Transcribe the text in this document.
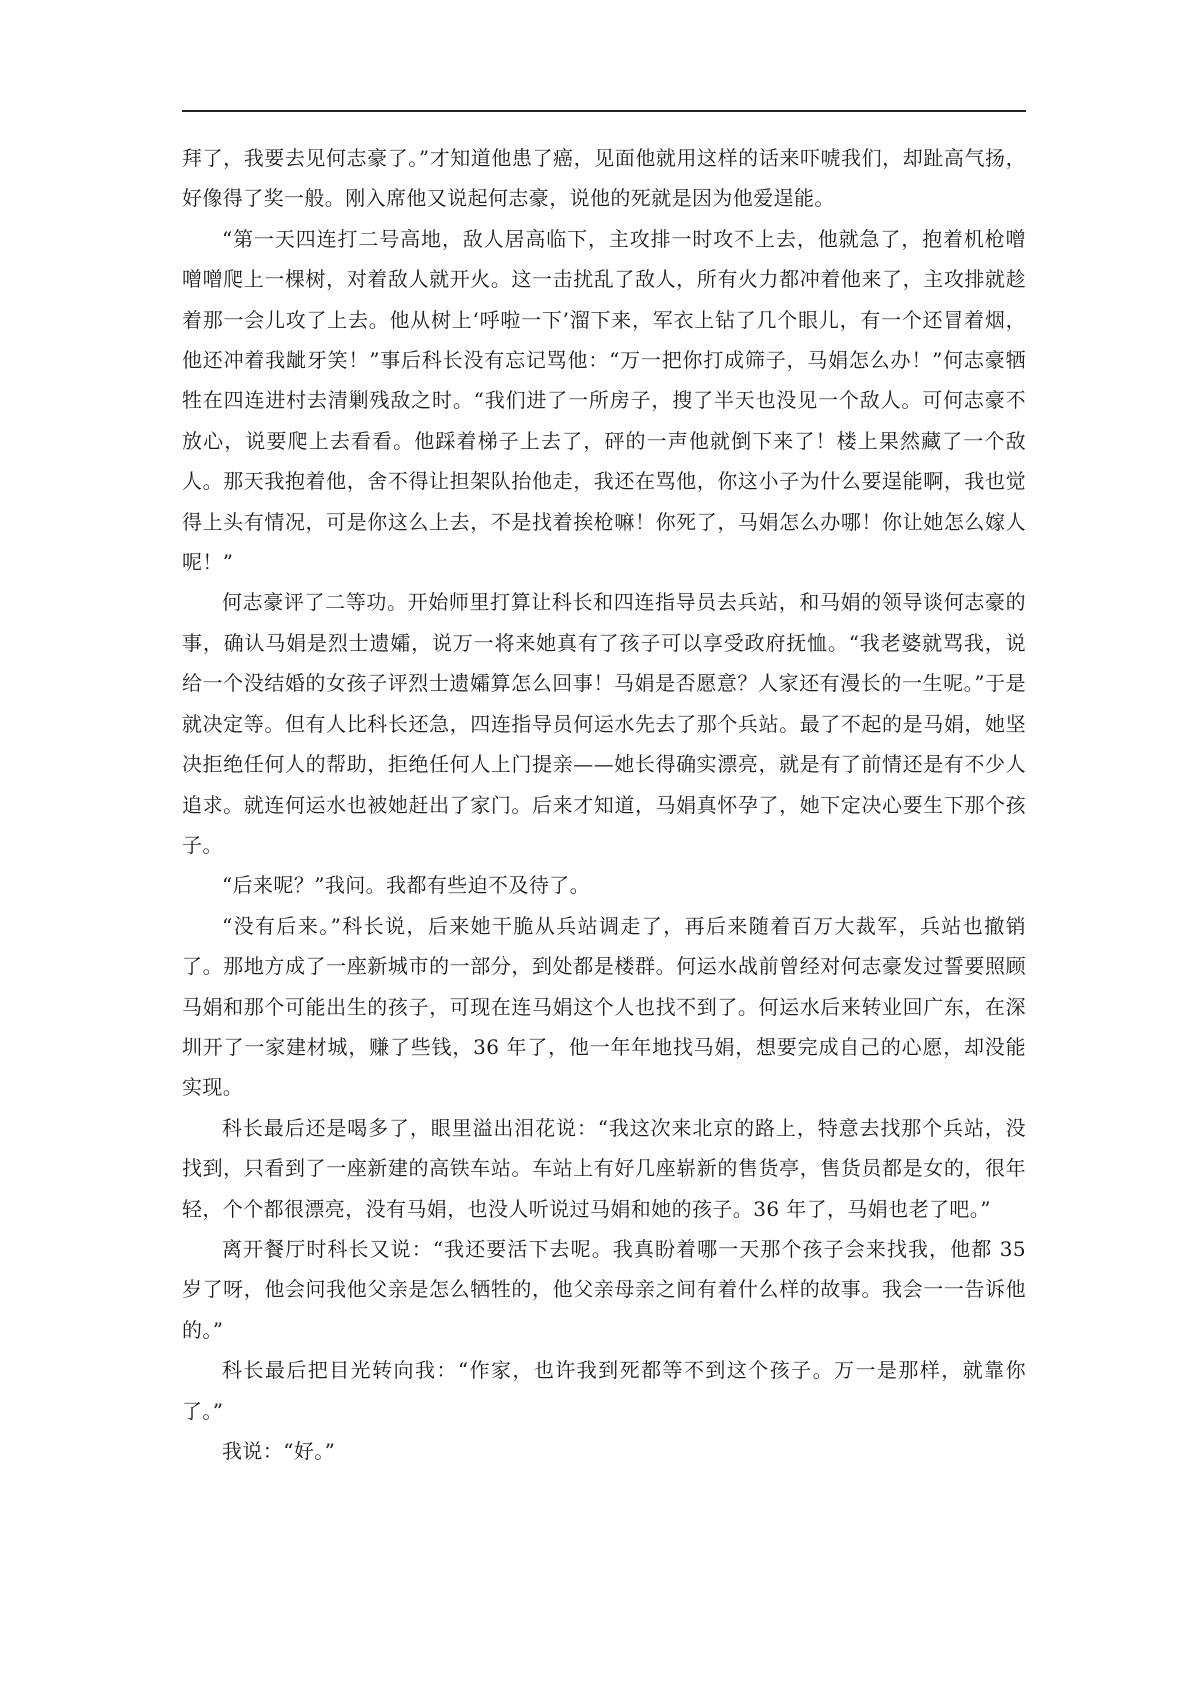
拜了，我要去见何志豪了。”才知道他患了癌，见面他就用这样的话来吓唬我们，却趾高气扬，好像得了奖一般。刚入席他又说起何志豪，说他的死就是因为他爱逞能。

“第一天四连打二号高地，敌人居高临下，主攻排一时攻不上去，他就急了，抱着机枪噌噌噌爬上一棵树，对着敌人就开火。这一击扰乱了敌人，所有火力都冲着他来了，主攻排就趁着那一会儿攻了上去。他从树上‘呼啦一下’溜下来，军衣上钻了几个眼儿，有一个还冒着烟，他还冲着我龇牙笑！”事后科长没有忘记骂他：“万一把你打成筛子，马娟怎么办！”何志豪牺牲在四连进村去清剿残敌之时。“我们进了一所房子，搜了半天也没见一个敌人。可何志豪不放心，说要爬上去看看。他踩着梯子上去了，砰的一声他就倒下来了！楼上果然藏了一个敌人。那天我抱着他，舍不得让担架队抬他走，我还在骂他，你这小子为什么要逞能啊，我也觉得上头有情况，可是你这么上去，不是找着挨枪嘛！你死了，马娟怎么办哪！你让她怎么嫁人呢！”

何志豪评了二等功。开始师里打算让科长和四连指导员去兵站，和马娟的领导谈何志豪的事，确认马娟是烈士遗孀，说万一将来她真有了孩子可以享受政府抚恤。“我老婆就骂我，说给一个没结婚的女孩子评烈士遗孀算怎么回事！马娟是否愿意？人家还有漫长的一生呢。”于是就决定等。但有人比科长还急，四连指导员何运水先去了那个兵站。最了不起的是马娟，她坚决拒绝任何人的帮助，拒绝任何人上门提亲——她长得确实漂亮，就是有了前情还是有不少人追求。就连何运水也被她赶出了家门。后来才知道，马娟真怀孕了，她下定决心要生下那个孩子。

“后来呢？”我问。我都有些迫不及待了。

“没有后来。”科长说，后来她干脆从兵站调走了，再后来随着百万大裁军，兵站也撤销了。那地方成了一座新城市的一部分，到处都是楼群。何运水战前曾经对何志豪发过誓要照顾马娟和那个可能出生的孩子，可现在连马娟这个人也找不到了。何运水后来转业回广东，在深圳开了一家建材城，赚了些钱，36 年了，他一年年地找马娟，想要完成自己的心愿，却没能实现。

科长最后还是喝多了，眼里溢出泪花说：“我这次来北京的路上，特意去找那个兵站，没找到，只看到了一座新建的高铁车站。车站上有好几座崭新的售货亭，售货员都是女的，很年轻，个个都很漂亮，没有马娟，也没人听说过马娟和她的孩子。36 年了，马娟也老了吧。”

离开餐厅时科长又说：“我还要活下去呢。我真盼着哪一天那个孩子会来找我，他都 35 岁了呀，他会问我他父亲是怎么牺牲的，他父亲母亲之间有着什么样的故事。我会一一告诉他的。”

科长最后把目光转向我：“作家，也许我到死都等不到这个孩子。万一是那样，就靠你了。”

我说：“好。”
